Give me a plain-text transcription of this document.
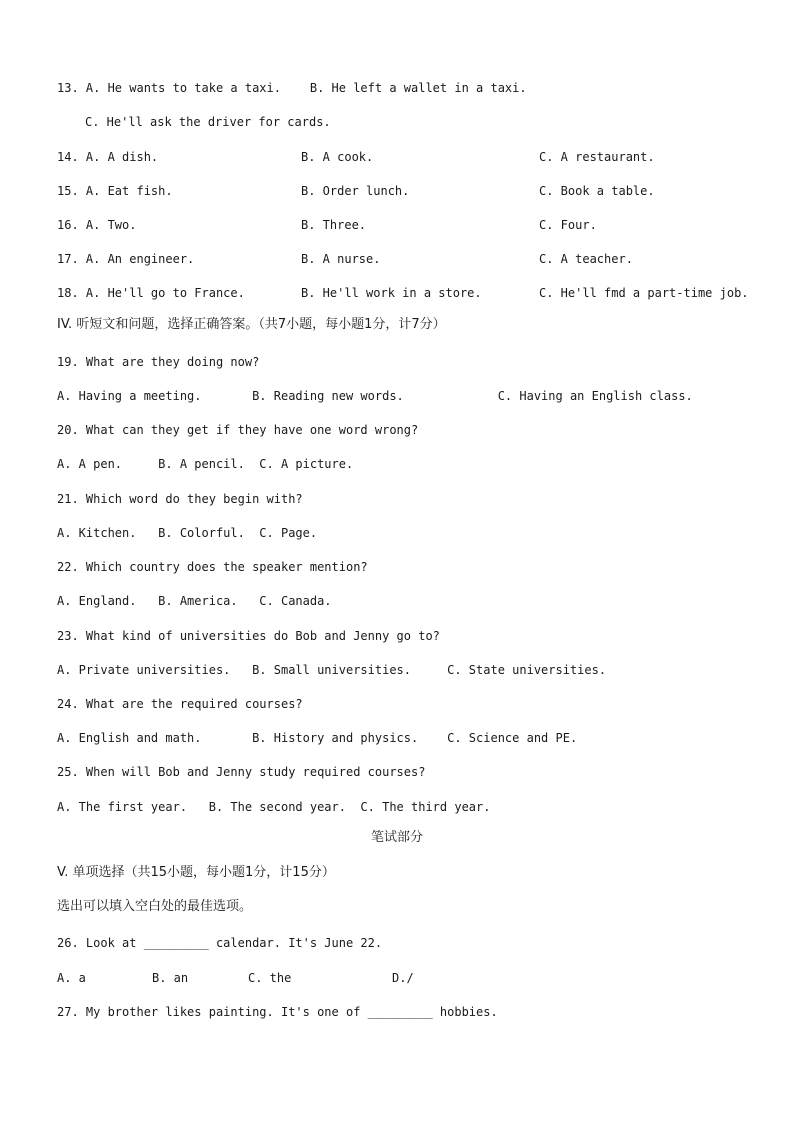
13. A. He wants to take a taxi.    B. He left a wallet in a taxi.
C. He'll ask the driver for cards.
14. A. A dish.	B. A cook.	C. A restaurant.
15. A. Eat fish.	B. Order lunch.	C. Book a table.
16. A. Two.	B. Three.	C. Four.
17. A. An engineer.	B. A nurse.	C. A teacher.
18. A. He'll go to France.	B. He'll work in a store.	C. He'll fmd a part-time job.
IV. 听短文和问题，选择正确答案。（共7小题，每小题1分，计7分）
19. What are they doing now?
A. Having a meeting.       B. Reading new words.             C. Having an English class.
20. What can they get if they have one word wrong?
A. A pen.     B. A pencil.  C. A picture.
21. Which word do they begin with?
A. Kitchen.   B. Colorful.  C. Page.
22. Which country does the speaker mention?
A. England.   B. America.   C. Canada.
23. What kind of universities do Bob and Jenny go to?
A. Private universities.   B. Small universities.     C. State universities.
24. What are the required courses?
A. English and math.       B. History and physics.    C. Science and PE.
25. When will Bob and Jenny study required courses?
A. The first year.   B. The second year.  C. The third year.
笔试部分
V. 单项选择（共15小题，每小题1分，计15分）
选出可以填入空白处的最佳选项。
26. Look at _________ calendar. It's June 22.
A. a	B. an	C. the	D./
27. My brother likes painting. It's one of _________ hobbies.
